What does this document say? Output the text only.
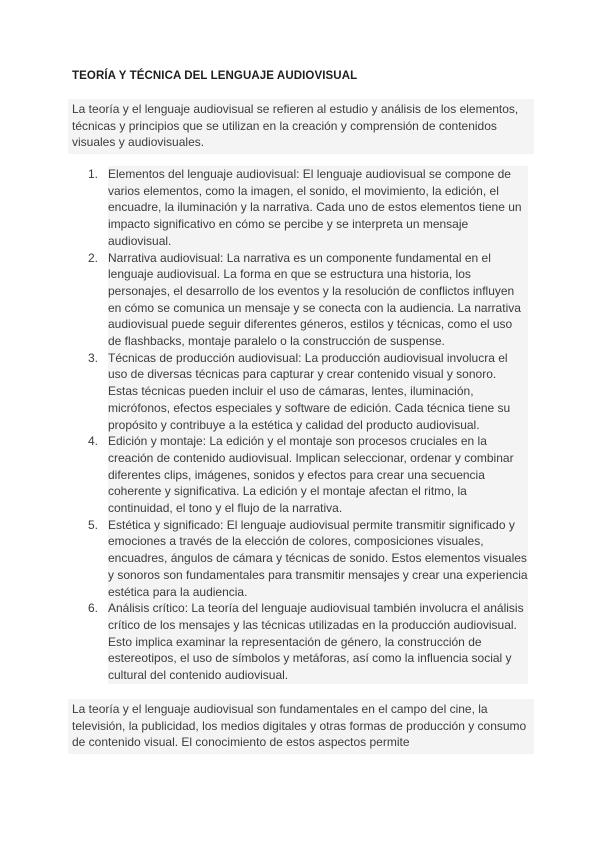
TEORÍA Y TÉCNICA DEL LENGUAJE AUDIOVISUAL
La teoría y el lenguaje audiovisual se refieren al estudio y análisis de los elementos, técnicas y principios que se utilizan en la creación y comprensión de contenidos visuales y audiovisuales.
1. Elementos del lenguaje audiovisual: El lenguaje audiovisual se compone de varios elementos, como la imagen, el sonido, el movimiento, la edición, el encuadre, la iluminación y la narrativa. Cada uno de estos elementos tiene un impacto significativo en cómo se percibe y se interpreta un mensaje audiovisual.
2. Narrativa audiovisual: La narrativa es un componente fundamental en el lenguaje audiovisual. La forma en que se estructura una historia, los personajes, el desarrollo de los eventos y la resolución de conflictos influyen en cómo se comunica un mensaje y se conecta con la audiencia. La narrativa audiovisual puede seguir diferentes géneros, estilos y técnicas, como el uso de flashbacks, montaje paralelo o la construcción de suspense.
3. Técnicas de producción audiovisual: La producción audiovisual involucra el uso de diversas técnicas para capturar y crear contenido visual y sonoro. Estas técnicas pueden incluir el uso de cámaras, lentes, iluminación, micrófonos, efectos especiales y software de edición. Cada técnica tiene su propósito y contribuye a la estética y calidad del producto audiovisual.
4. Edición y montaje: La edición y el montaje son procesos cruciales en la creación de contenido audiovisual. Implican seleccionar, ordenar y combinar diferentes clips, imágenes, sonidos y efectos para crear una secuencia coherente y significativa. La edición y el montaje afectan el ritmo, la continuidad, el tono y el flujo de la narrativa.
5. Estética y significado: El lenguaje audiovisual permite transmitir significado y emociones a través de la elección de colores, composiciones visuales, encuadres, ángulos de cámara y técnicas de sonido. Estos elementos visuales y sonoros son fundamentales para transmitir mensajes y crear una experiencia estética para la audiencia.
6. Análisis crítico: La teoría del lenguaje audiovisual también involucra el análisis crítico de los mensajes y las técnicas utilizadas en la producción audiovisual. Esto implica examinar la representación de género, la construcción de estereotipos, el uso de símbolos y metáforas, así como la influencia social y cultural del contenido audiovisual.
La teoría y el lenguaje audiovisual son fundamentales en el campo del cine, la televisión, la publicidad, los medios digitales y otras formas de producción y consumo de contenido visual. El conocimiento de estos aspectos permite
